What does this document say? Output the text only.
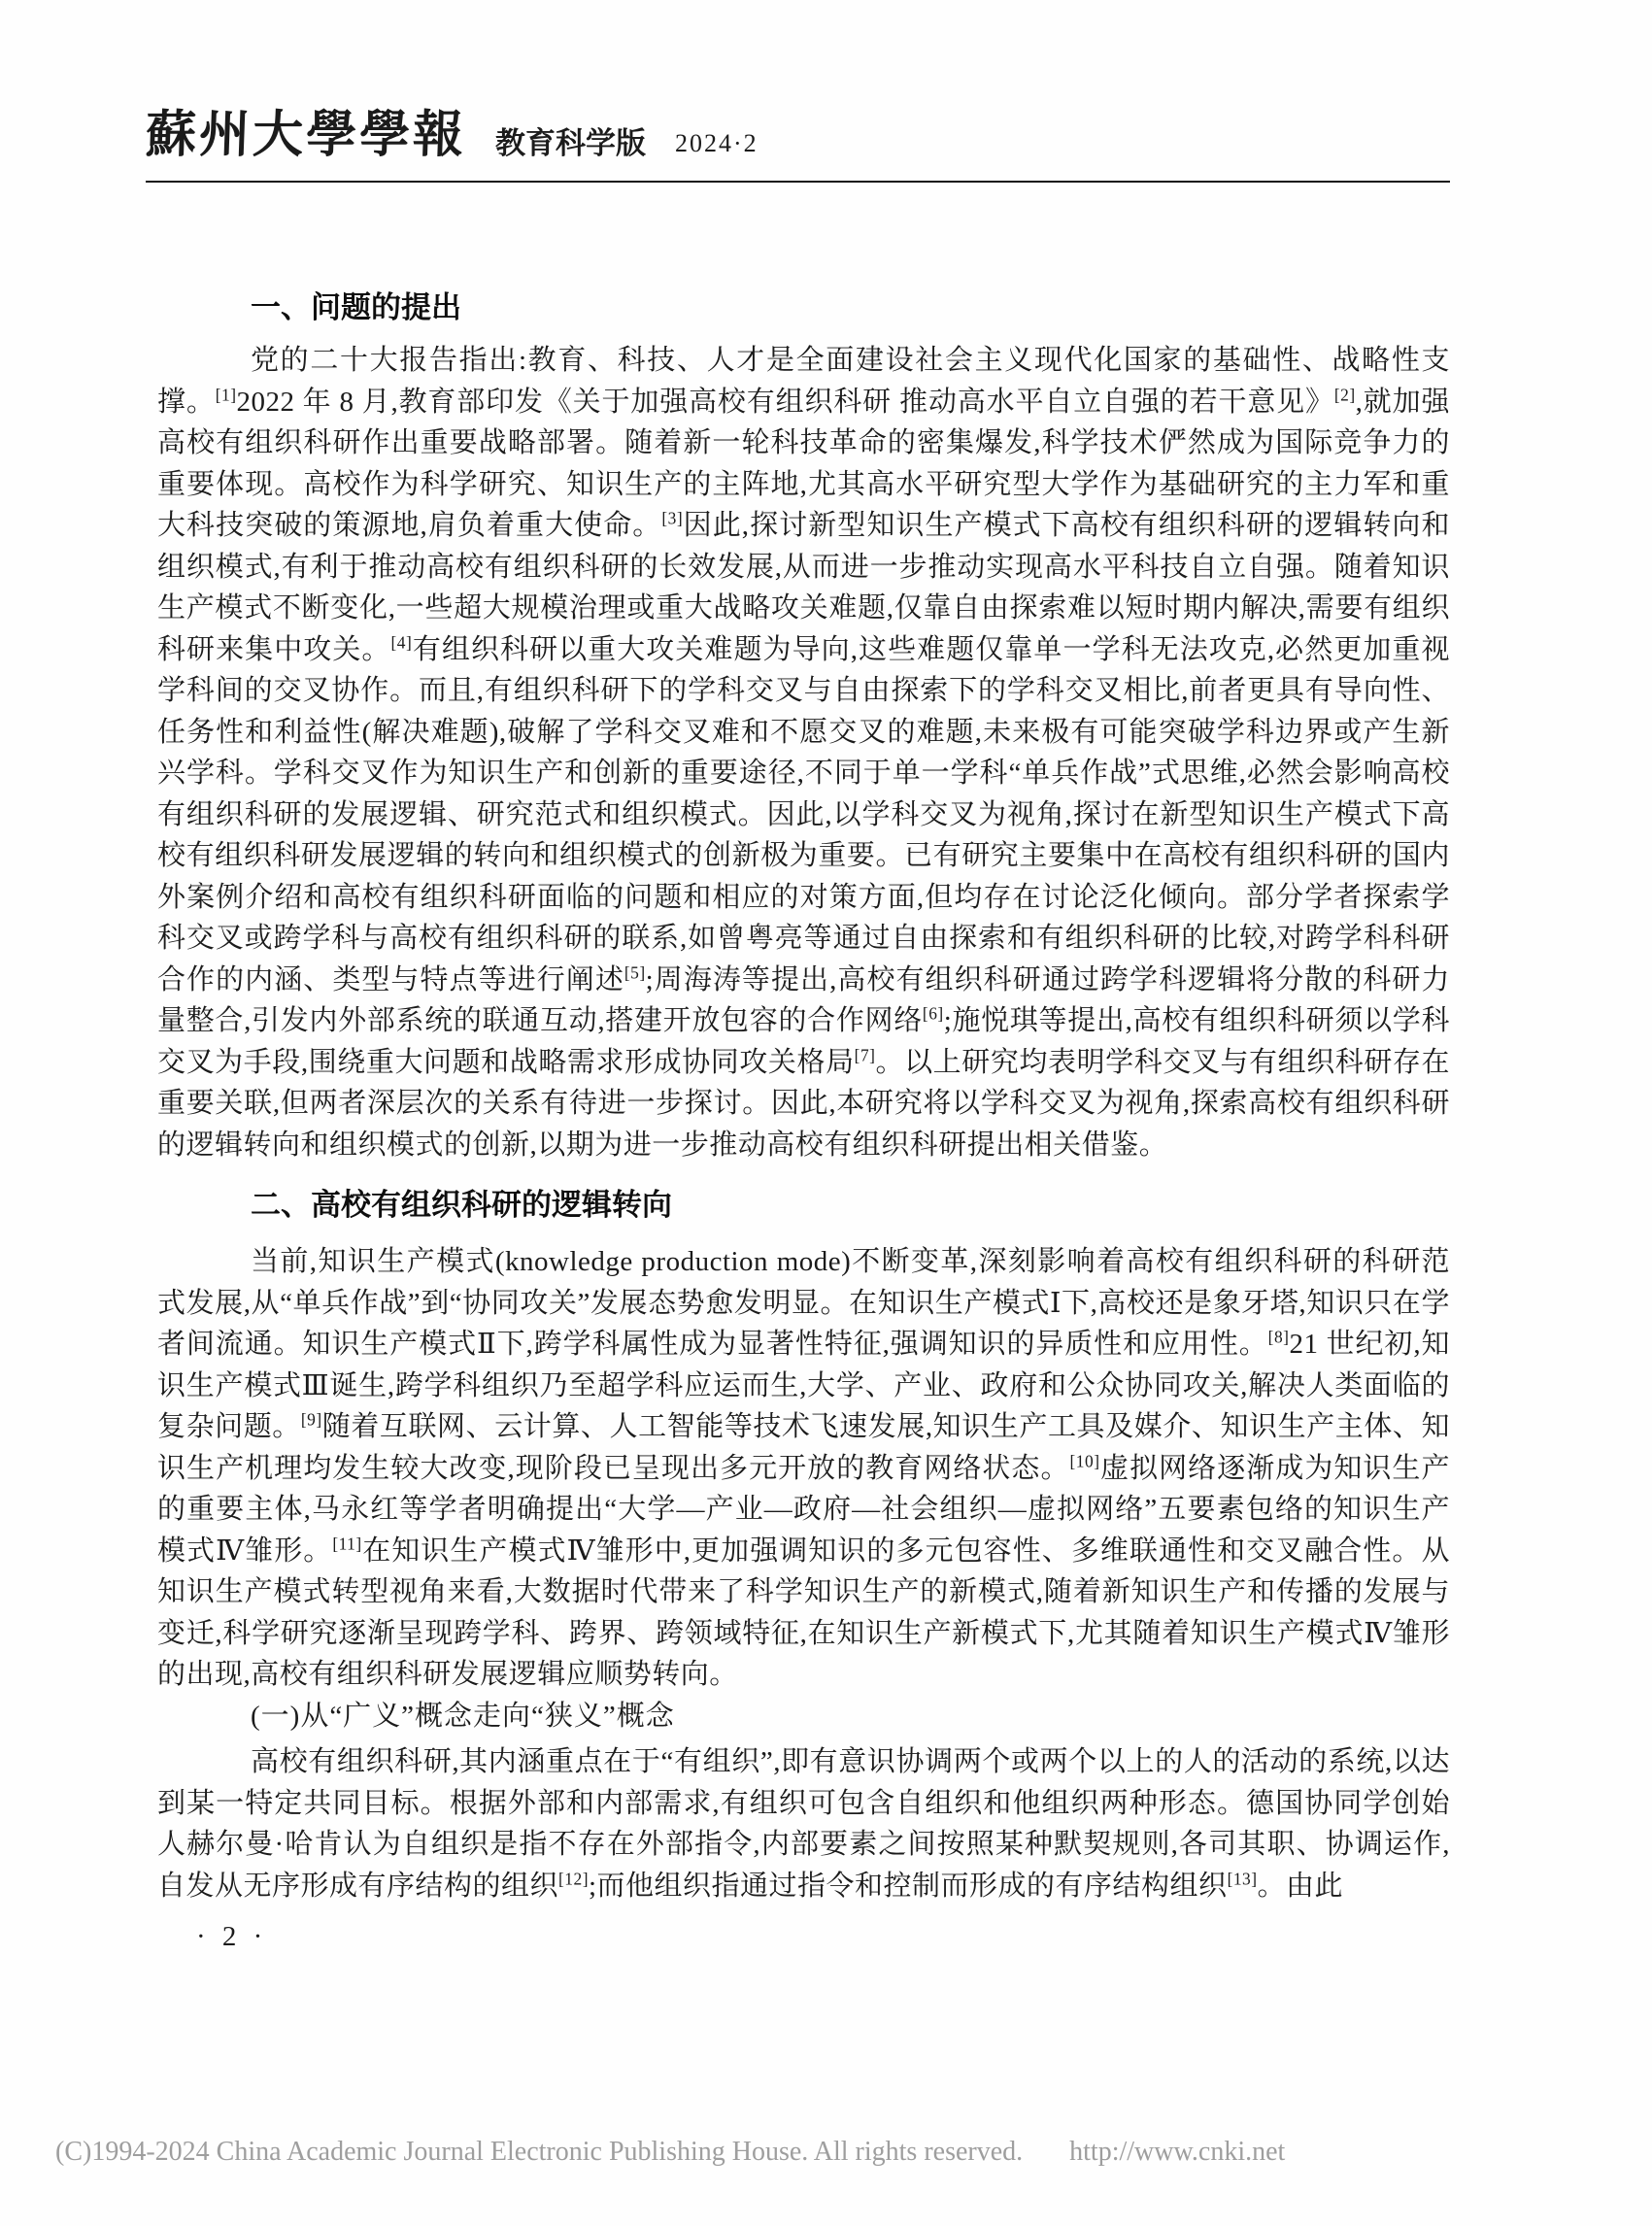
蘇州大學學報 教育科学版 2024·2
一、问题的提出

党的二十大报告指出:教育、科技、人才是全面建设社会主义现代化国家的基础性、战略性支撑。[1]2022 年 8 月,教育部印发《关于加强高校有组织科研 推动高水平自立自强的若干意见》[2],就加强高校有组织科研作出重要战略部署。随着新一轮科技革命的密集爆发,科学技术俨然成为国际竞争力的重要体现。高校作为科学研究、知识生产的主阵地,尤其高水平研究型大学作为基础研究的主力军和重大科技突破的策源地,肩负着重大使命。[3]因此,探讨新型知识生产模式下高校有组织科研的逻辑转向和组织模式,有利于推动高校有组织科研的长效发展,从而进一步推动实现高水平科技自立自强。随着知识生产模式不断变化,一些超大规模治理或重大战略攻关难题,仅靠自由探索难以短时期内解决,需要有组织科研来集中攻关。[4]有组织科研以重大攻关难题为导向,这些难题仅靠单一学科无法攻克,必然更加重视学科间的交叉协作。而且,有组织科研下的学科交叉与自由探索下的学科交叉相比,前者更具有导向性、任务性和利益性(解决难题),破解了学科交叉难和不愿交叉的难题,未来极有可能突破学科边界或产生新兴学科。学科交叉作为知识生产和创新的重要途径,不同于单一学科“单兵作战”式思维,必然会影响高校有组织科研的发展逻辑、研究范式和组织模式。因此,以学科交叉为视角,探讨在新型知识生产模式下高校有组织科研发展逻辑的转向和组织模式的创新极为重要。已有研究主要集中在高校有组织科研的国内外案例介绍和高校有组织科研面临的问题和相应的对策方面,但均存在讨论泛化倾向。部分学者探索学科交叉或跨学科与高校有组织科研的联系,如曾粤亮等通过自由探索和有组织科研的比较,对跨学科科研合作的内涵、类型与特点等进行阐述[5];周海涛等提出,高校有组织科研通过跨学科逻辑将分散的科研力量整合,引发内外部系统的联通互动,搭建开放包容的合作网络[6];施悦琪等提出,高校有组织科研须以学科交叉为手段,围绕重大问题和战略需求形成协同攻关格局[7]。以上研究均表明学科交叉与有组织科研存在重要关联,但两者深层次的关系有待进一步探讨。因此,本研究将以学科交叉为视角,探索高校有组织科研的逻辑转向和组织模式的创新,以期为进一步推动高校有组织科研提出相关借鉴。

二、高校有组织科研的逻辑转向

当前,知识生产模式(knowledge production mode)不断变革,深刻影响着高校有组织科研的科研范式发展,从“单兵作战”到“协同攻关”发展态势愈发明显。在知识生产模式Ⅰ下,高校还是象牙塔,知识只在学者间流通。知识生产模式Ⅱ下,跨学科属性成为显著性特征,强调知识的异质性和应用性。[8]21 世纪初,知识生产模式Ⅲ诞生,跨学科组织乃至超学科应运而生,大学、产业、政府和公众协同攻关,解决人类面临的复杂问题。[9]随着互联网、云计算、人工智能等技术飞速发展,知识生产工具及媒介、知识生产主体、知识生产机理均发生较大改变,现阶段已呈现出多元开放的教育网络状态。[10]虚拟网络逐渐成为知识生产的重要主体,马永红等学者明确提出“大学—产业—政府—社会组织—虚拟网络”五要素包络的知识生产模式Ⅳ雏形。[11]在知识生产模式Ⅳ雏形中,更加强调知识的多元包容性、多维联通性和交叉融合性。从知识生产模式转型视角来看,大数据时代带来了科学知识生产的新模式,随着新知识生产和传播的发展与变迁,科学研究逐渐呈现跨学科、跨界、跨领域特征,在知识生产新模式下,尤其随着知识生产模式Ⅳ雏形的出现,高校有组织科研发展逻辑应顺势转向。

(一)从“广义”概念走向“狭义”概念

高校有组织科研,其内涵重点在于“有组织”,即有意识协调两个或两个以上的人的活动的系统,以达到某一特定共同目标。根据外部和内部需求,有组织可包含自组织和他组织两种形态。德国协同学创始人赫尔曼·哈肯认为自组织是指不存在外部指令,内部要素之间按照某种默契规则,各司其职、协调运作,自发从无序形成有序结构的组织[12];而他组织指通过指令和控制而形成的有序结构组织[13]。由此

· 2 ·
(C)1994-2024 China Academic Journal Electronic Publishing House. All rights reserved. http://www.cnki.net
